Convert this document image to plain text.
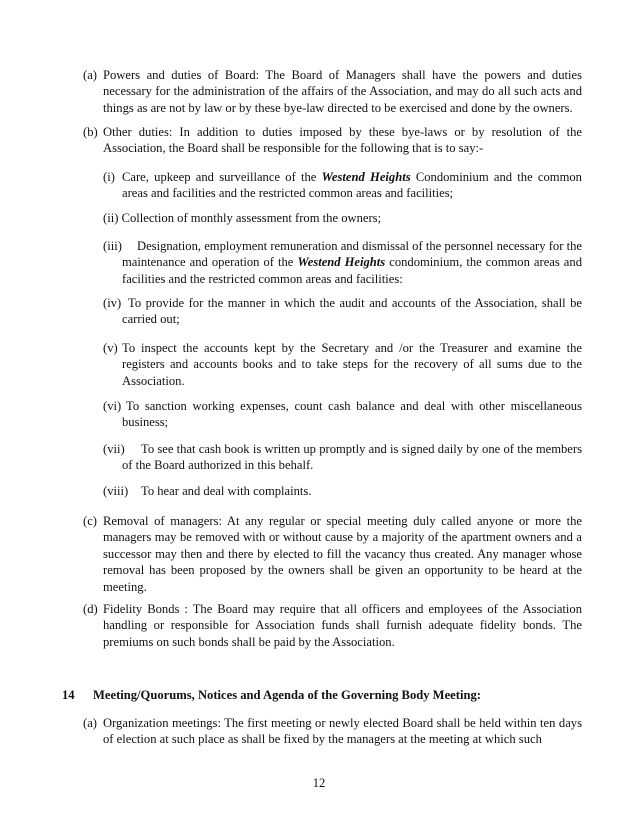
(a) Powers and duties of Board: The Board of Managers shall have the powers and duties necessary for the administration of the affairs of the Association, and may do all such acts and things as are not by law or by these bye-law directed to be exercised and done by the owners.
(b) Other duties: In addition to duties imposed by these bye-laws or by resolution of the Association, the Board shall be responsible for the following that is to say:-
(i) Care, upkeep and surveillance of the Westend Heights Condominium and the common areas and facilities and the restricted common areas and facilities;
(ii) Collection of monthly assessment from the owners;
(iii)	Designation, employment remuneration and dismissal of the personnel necessary for the maintenance and operation of the Westend Heights condominium, the common areas and facilities and the restricted common areas and facilities:
(iv) To provide for the manner in which the audit and accounts of the Association, shall be carried out;
(v) To inspect the accounts kept by the Secretary and /or the Treasurer and examine the registers and accounts books and to take steps for the recovery of all sums due to the Association.
(vi) To sanction working expenses, count cash balance and deal with other miscellaneous business;
(vii)	To see that cash book is written up promptly and is signed daily by one of the members of the Board authorized in this behalf.
(viii) To hear and deal with complaints.
(c) Removal of managers: At any regular or special meeting duly called anyone or more the managers may be removed with or without cause by a majority of the apartment owners and a successor may then and there by elected to fill the vacancy thus created. Any manager whose removal has been proposed by the owners shall be given an opportunity to be heard at the meeting.
(d) Fidelity Bonds : The Board may require that all officers and employees of the Association handling or responsible for Association funds shall furnish adequate fidelity bonds. The premiums on such bonds shall be paid by the Association.
14 Meeting/Quorums, Notices and Agenda of the Governing Body Meeting:
(a) Organization meetings: The first meeting or newly elected Board shall be held within ten days of election at such place as shall be fixed by the managers at the meeting at which such
12
